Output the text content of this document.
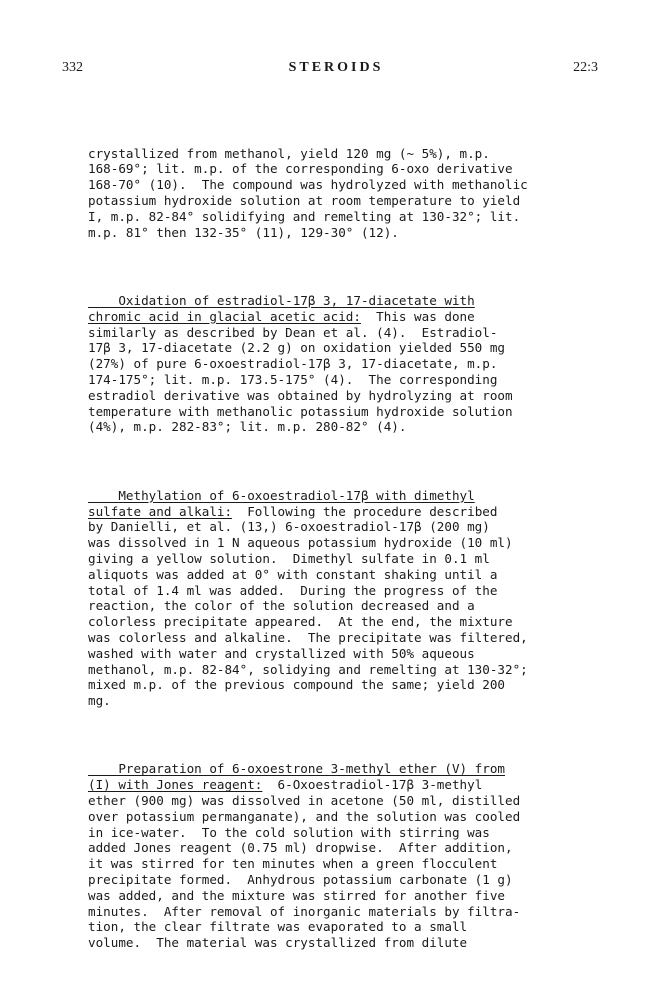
332	STEROIDS	22:3

crystallized from methanol, yield 120 mg (~ 5%), m.p.
168-69°; lit. m.p. of the corresponding 6-oxo derivative
168-70° (10).  The compound was hydrolyzed with methanolic
potassium hydroxide solution at room temperature to yield
I, m.p. 82-84° solidifying and remelting at 130-32°; lit.
m.p. 81° then 132-35° (11), 129-30° (12).

Oxidation of estradiol-17β 3, 17-diacetate with
chromic acid in glacial acetic acid:  This was done
similarly as described by Dean et al. (4).  Estradiol-
17β 3, 17-diacetate (2.2 g) on oxidation yielded 550 mg
(27%) of pure 6-oxoestradiol-17β 3, 17-diacetate, m.p.
174-175°; lit. m.p. 173.5-175° (4).  The corresponding
estradiol derivative was obtained by hydrolyzing at room
temperature with methanolic potassium hydroxide solution
(4%), m.p. 282-83°; lit. m.p. 280-82° (4).

Methylation of 6-oxoestradiol-17β with dimethyl
sulfate and alkali:  Following the procedure described
by Danielli, et al. (13,) 6-oxoestradiol-17β (200 mg)
was dissolved in 1 N aqueous potassium hydroxide (10 ml)
giving a yellow solution.  Dimethyl sulfate in 0.1 ml
aliquots was added at 0° with constant shaking until a
total of 1.4 ml was added.  During the progress of the
reaction, the color of the solution decreased and a
colorless precipitate appeared.  At the end, the mixture
was colorless and alkaline.  The precipitate was filtered,
washed with water and crystallized with 50% aqueous
methanol, m.p. 82-84°, solidying and remelting at 130-32°;
mixed m.p. of the previous compound the same; yield 200
mg.

Preparation of 6-oxoestrone 3-methyl ether (V) from
(I) with Jones reagent:  6-Oxoestradiol-17β 3-methyl
ether (900 mg) was dissolved in acetone (50 ml, distilled
over potassium permanganate), and the solution was cooled
in ice-water.  To the cold solution with stirring was
added Jones reagent (0.75 ml) dropwise.  After addition,
it was stirred for ten minutes when a green flocculent
precipitate formed.  Anhydrous potassium carbonate (1 g)
was added, and the mixture was stirred for another five
minutes.  After removal of inorganic materials by filtra-
tion, the clear filtrate was evaporated to a small
volume.  The material was crystallized from dilute
